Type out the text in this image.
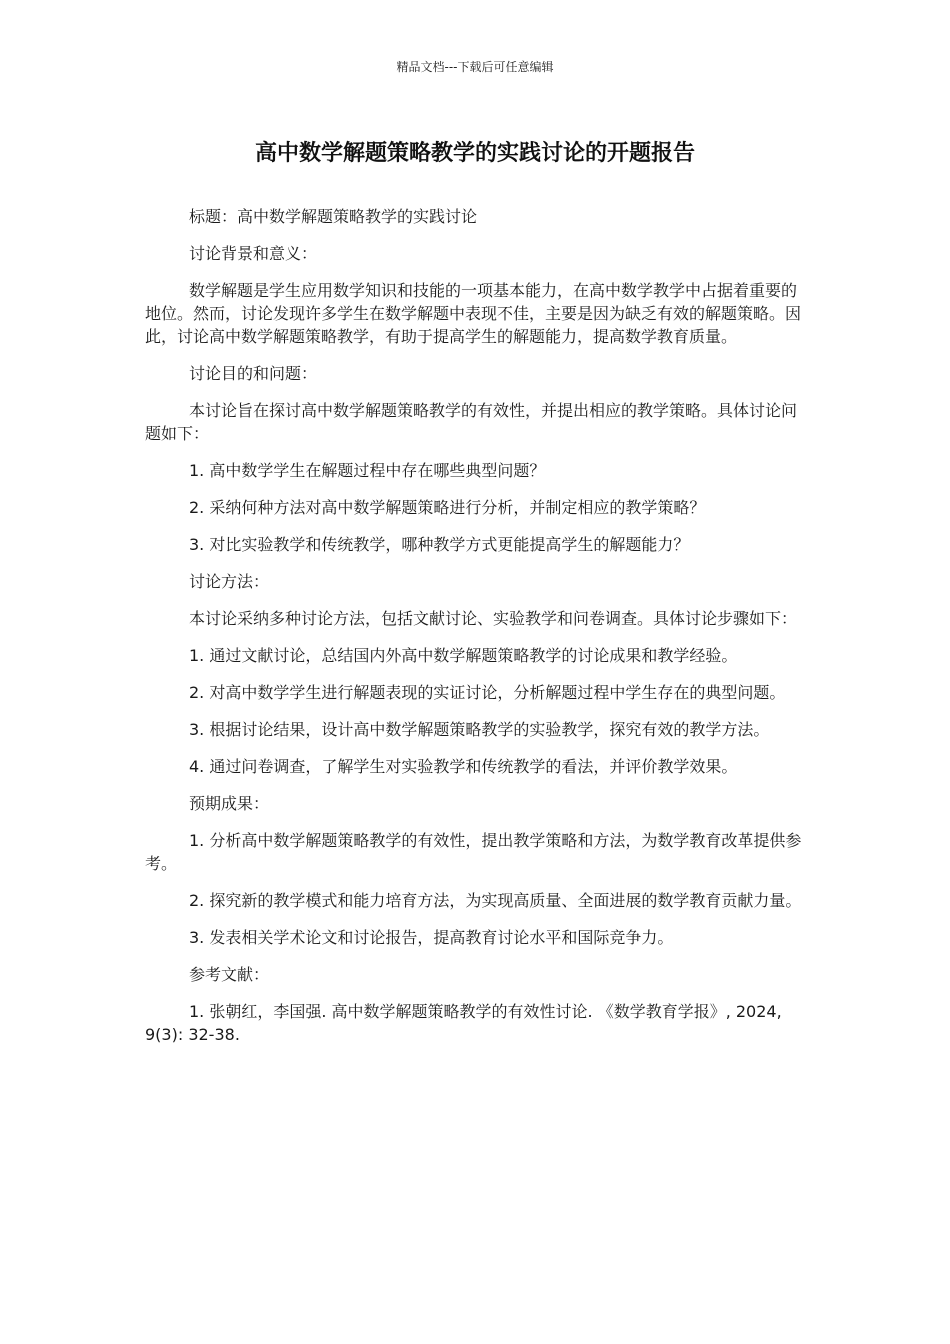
精品文档---下载后可任意编辑
高中数学解题策略教学的实践讨论的开题报告

标题：高中数学解题策略教学的实践讨论

讨论背景和意义：

数学解题是学生应用数学知识和技能的一项基本能力，在高中数学教学中占据着重要的地位。然而，讨论发现许多学生在数学解题中表现不佳，主要是因为缺乏有效的解题策略。因此，讨论高中数学解题策略教学，有助于提高学生的解题能力，提高数学教育质量。

讨论目的和问题：

本讨论旨在探讨高中数学解题策略教学的有效性，并提出相应的教学策略。具体讨论问题如下：

1. 高中数学学生在解题过程中存在哪些典型问题？

2. 采纳何种方法对高中数学解题策略进行分析，并制定相应的教学策略？

3. 对比实验教学和传统教学，哪种教学方式更能提高学生的解题能力？

讨论方法：

本讨论采纳多种讨论方法，包括文献讨论、实验教学和问卷调查。具体讨论步骤如下：

1. 通过文献讨论，总结国内外高中数学解题策略教学的讨论成果和教学经验。

2. 对高中数学学生进行解题表现的实证讨论，分析解题过程中学生存在的典型问题。

3. 根据讨论结果，设计高中数学解题策略教学的实验教学，探究有效的教学方法。

4. 通过问卷调查，了解学生对实验教学和传统教学的看法，并评价教学效果。

预期成果：

1. 分析高中数学解题策略教学的有效性，提出教学策略和方法，为数学教育改革提供参考。

2. 探究新的教学模式和能力培育方法，为实现高质量、全面进展的数学教育贡献力量。

3. 发表相关学术论文和讨论报告，提高教育讨论水平和国际竞争力。

参考文献：

1. 张朝红，李国强. 高中数学解题策略教学的有效性讨论. 《数学教育学报》, 2024, 9(3): 32-38.
